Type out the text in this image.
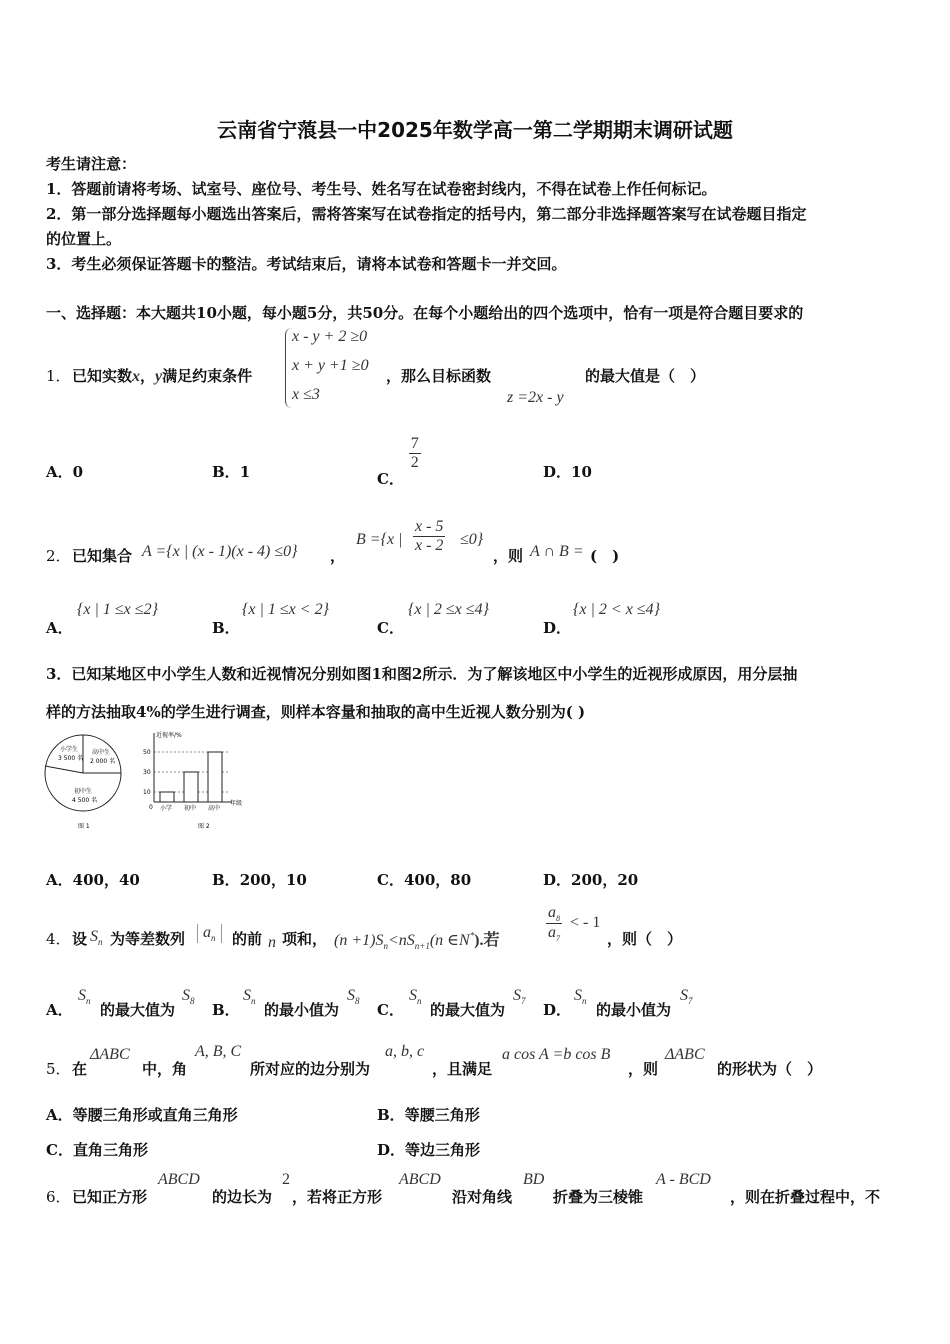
云南省宁蒗县一中2025年数学高一第二学期期末调研试题
考生请注意：
1．答题前请将考场、试室号、座位号、考生号、姓名写在试卷密封线内，不得在试卷上作任何标记。
2．第一部分选择题每小题选出答案后，需将答案写在试卷指定的括号内，第二部分非选择题答案写在试卷题目指定
的位置上。
3．考生必须保证答题卡的整洁。考试结束后，请将本试卷和答题卡一并交回。
一、选择题：本大题共10小题，每小题5分，共50分。在每个小题给出的四个选项中，恰有一项是符合题目要求的
1． 已知实数x，y满足约束条件
x - y + 2 ≥0
x + y +1 ≥0
x ≤3
，那么目标函数
z =2x - y
的最大值是（　）
A．0	B．1	C．
$\frac{7}{2}$	D．10
2． 已知集合 A ={x | (x - 1)(x - 4) ≤0} ，
B ={x | $\frac{x - 5}{x - 2} \le 0$}
，则 A ∩ B = (　)
A．
{x | 1 ≤x ≤2}
B．
{x | 1 ≤x < 2}
C．
{x | 2 ≤x ≤4}
D．
{x | 2 < x ≤4}
3．已知某地区中小学生人数和近视情况分别如图1和图2所示．为了解该地区中小学生的近视形成原因，用分层抽
样的方法抽取4%的学生进行调查，则样本容量和抽取的高中生近视人数分别为( )
小学生
3 500 名
高中生
2 000 名
初中生
4 500 名
图 1
近视率/%
年级
图 2
0
10
30
50
小学 初中 高中
A．400，40	B．200，10	C．400，80	D．200，20
4． 设 $S_n$ 为等差数列	$a_n$	的前 n 项和， $(n +1)S_n<nS_{n+1}(n$ ∈N*).若	$\frac{a_8}{a_7}$ < - 1
，则（　）
A．
$S_n$ 的最大值为
$S_8$ B．
$S_n$ 的最小值为
$S_8$ C．
$S_n$ 的最大值为
$S_7$ D．
$S_n$ 的最小值为
$S_7$
5． 在
ΔABC
中，角
A, B, C
所对应的边分别为
a, b, c
，且满足
a cos A =b cos B
，则
ΔABC
的形状为（　）
A．等腰三角形或直角三角形	B．等腰三角形
C．直角三角形	D．等边三角形
6． 已知正方形
ABCD
的边长为
2
，若将正方形
ABCD
沿对角线
BD
折叠为三棱锥
A - BCD
，则在折叠过程中，不
